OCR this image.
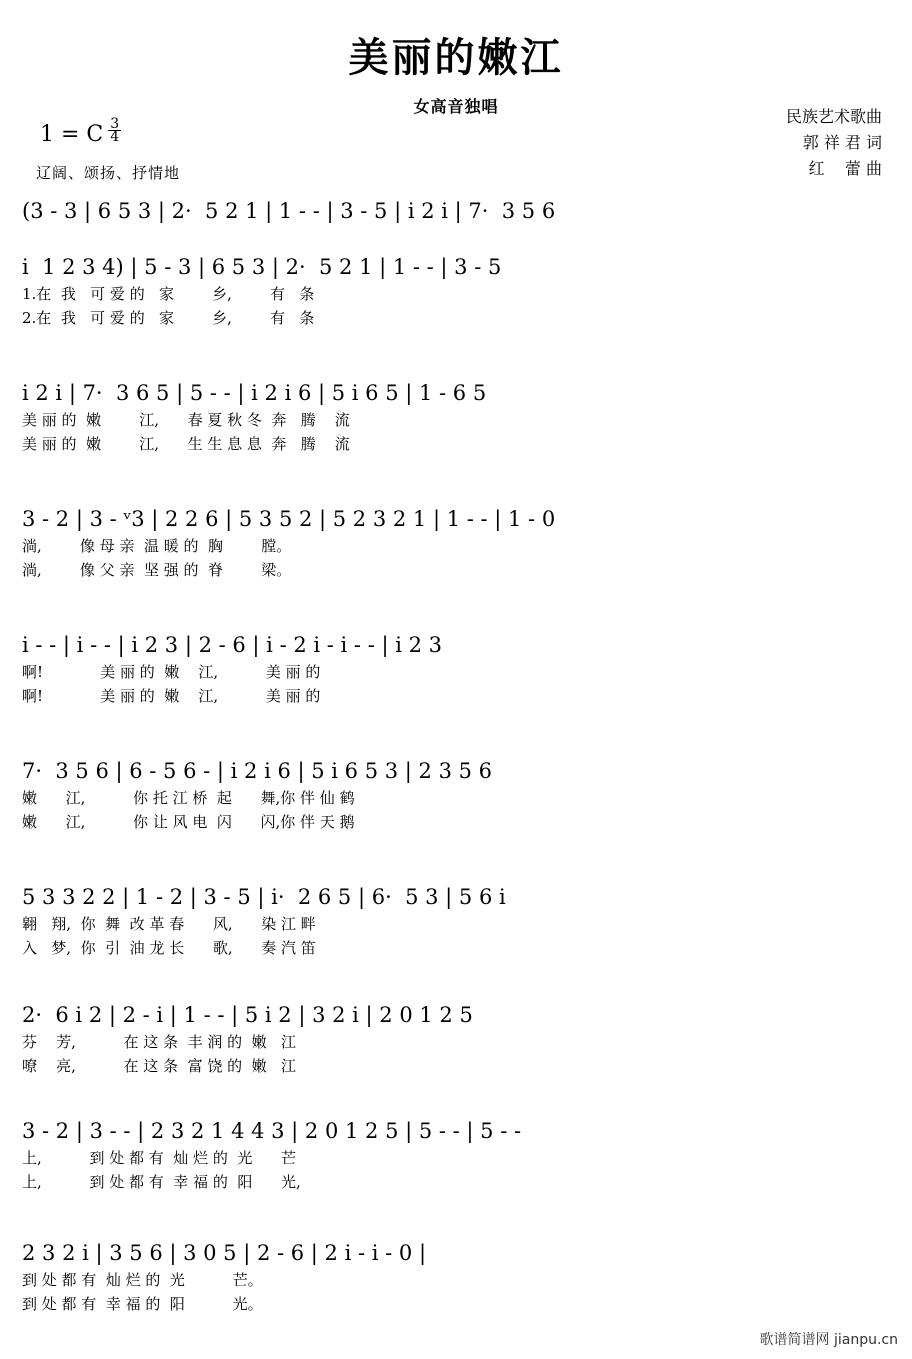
美丽的嫩江
女高音独唱
民族艺术歌曲
郭 祥 君 词
红    蕾 曲
1 = C $\frac{3}{4}$
辽阔、颂扬、抒情地
(3 - 3 | 6 5 3 | 2·  5 2 1 | 1 - - | 3 - 5 | i 2 i | 7·  3 5 6
i  1 2 3 4) | 5 - 3 | 6 5 3 | 2·  5 2 1 | 1 - - | 3 - 5
1.在  我   可 爱 的   家        乡,        有   条
2.在  我   可 爱 的   家        乡,        有   条
i 2 i | 7·  3 6 5 | 5 - - | i 2 i 6 | 5 i 6 5 | 1 - 6 5
美 丽 的  嫩        江,      春 夏 秋 冬  奔   腾    流
美 丽 的  嫩        江,      生 生 息 息  奔   腾    流
3 - 2 | 3 - ᵛ3 | 2 2 6 | 5 3 5 2 | 5 2 3 2 1 | 1 - - | 1 - 0
淌,        像 母 亲  温 暖 的  胸        膛。
淌,        像 父 亲  坚 强 的  脊        梁。
i - - | i - - | i 2 3 | 2 - 6 | i - 2 i - i - - | i 2 3
啊!            美 丽 的  嫩    江,          美 丽 的
啊!            美 丽 的  嫩    江,          美 丽 的
7·  3 5 6 | 6 - 5 6 - | i 2 i 6 | 5 i 6 5 3 | 2 3 5 6
嫩      江,          你 托 江 桥  起      舞,你 伴 仙 鹤
嫩      江,          你 让 风 电  闪      闪,你 伴 天 鹅
5 3 3 2 2 | 1 - 2 | 3 - 5 | i·  2 6 5 | 6·  5 3 | 5 6 i
翱   翔,  你  舞  改 革 春      风,      染 江 畔
入   梦,  你  引  油 龙 长      歌,      奏 汽 笛
2·  6 i 2 | 2 - i | 1 - - | 5 i 2 | 3 2 i | 2 0 1 2 5
芬    芳,          在 这 条  丰 润 的  嫩   江
嘹    亮,          在 这 条  富 饶 的  嫩   江
3 - 2 | 3 - - | 2 3 2 1 4 4 3 | 2 0 1 2 5 | 5 - - | 5 - -
上,          到 处 都 有  灿 烂 的  光      芒
上,          到 处 都 有  幸 福 的  阳      光,
2 3 2 i | 3 5 6 | 3 0 5 | 2 - 6 | 2 i - i - 0 |
到 处 都 有  灿 烂 的  光          芒。
到 处 都 有  幸 福 的  阳          光。
歌谱简谱网 jianpu.cn
